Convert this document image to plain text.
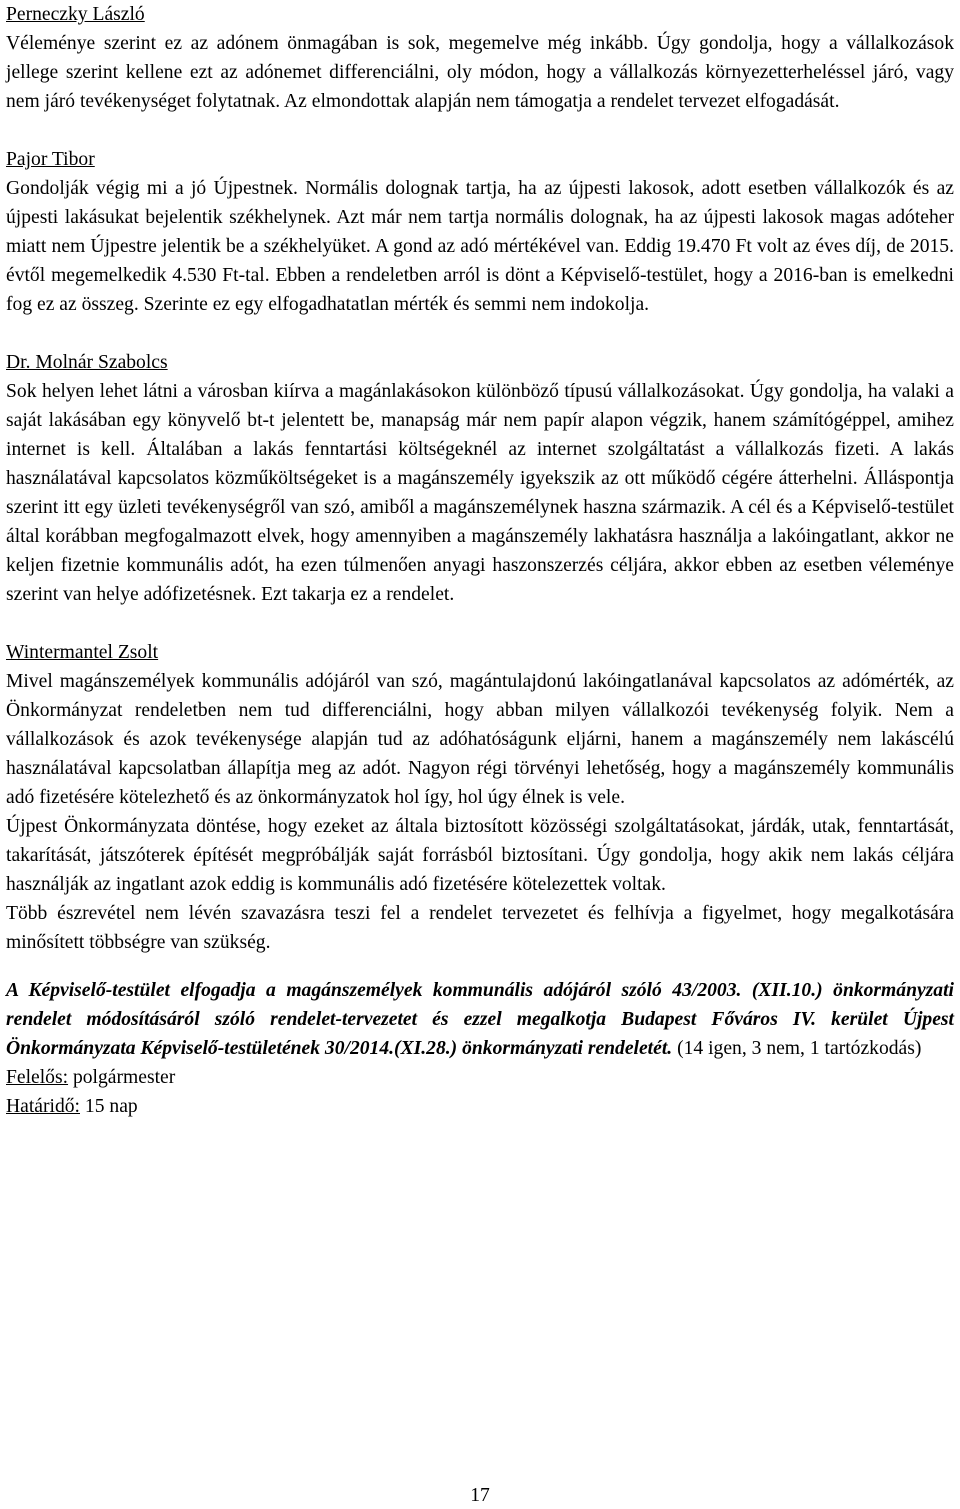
Perneczky László

Véleménye szerint ez az adónem önmagában is sok, megemelve még inkább. Úgy gondolja, hogy a vállalkozások jellege szerint kellene ezt az adónemet differenciálni, oly módon, hogy a vállalkozás környezetterheléssel járó, vagy nem járó tevékenységet folytatnak. Az elmondottak alapján nem támogatja a rendelet tervezet elfogadását.

Pajor Tibor

Gondolják végig mi a jó Újpestnek. Normális dolognak tartja, ha az újpesti lakosok, adott esetben vállalkozók és az újpesti lakásukat bejelentik székhelynek. Azt már nem tartja normális dolognak, ha az újpesti lakosok magas adóteher miatt nem Újpestre jelentik be a székhelyüket. A gond az adó mértékével van. Eddig 19.470 Ft volt az éves díj, de 2015. évtől megemelkedik 4.530 Ft-tal. Ebben a rendeletben arról is dönt a Képviselő-testület, hogy a 2016-ban is emelkedni fog ez az összeg. Szerinte ez egy elfogadhatatlan mérték és semmi nem indokolja.

Dr. Molnár Szabolcs

Sok helyen lehet látni a városban kiírva a magánlakásokon különböző típusú vállalkozásokat. Úgy gondolja, ha valaki a saját lakásában egy könyvelő bt-t jelentett be, manapság már nem papír alapon végzik, hanem számítógéppel, amihez internet is kell. Általában a lakás fenntartási költségeknél az internet szolgáltatást a vállalkozás fizeti. A lakás használatával kapcsolatos közműköltségeket is a magánszemély igyekszik az ott működő cégére átterhelni. Álláspontja szerint itt egy üzleti tevékenységről van szó, amiből a magánszemélynek haszna származik. A cél és a Képviselő-testület által korábban megfogalmazott elvek, hogy amennyiben a magánszemély lakhatásra használja a lakóingatlant, akkor ne keljen fizetnie kommunális adót, ha ezen túlmenően anyagi haszonszerzés céljára, akkor ebben az esetben véleménye szerint van helye adófizetésnek. Ezt takarja ez a rendelet.

Wintermantel Zsolt

Mivel magánszemélyek kommunális adójáról van szó, magántulajdonú lakóingatlanával kapcsolatos az adómérték, az Önkormányzat rendeletben nem tud differenciálni, hogy abban milyen vállalkozói tevékenység folyik. Nem a vállalkozások és azok tevékenysége alapján tud az adóhatóságunk eljárni, hanem a magánszemély nem lakáscélú használatával kapcsolatban állapítja meg az adót. Nagyon régi törvényi lehetőség, hogy a magánszemély kommunális adó fizetésére kötelezhető és az önkormányzatok hol így, hol úgy élnek is vele.

Újpest Önkormányzata döntése, hogy ezeket az általa biztosított közösségi szolgáltatásokat, járdák, utak, fenntartását, takarítását, játszóterek építését megpróbálják saját forrásból biztosítani. Úgy gondolja, hogy akik nem lakás céljára használják az ingatlant azok eddig is kommunális adó fizetésére kötelezettek voltak.

Több észrevétel nem lévén szavazásra teszi fel a rendelet tervezetet és felhívja a figyelmet, hogy megalkotására minősített többségre van szükség.

A Képviselő-testület elfogadja a magánszemélyek kommunális adójáról szóló 43/2003. (XII.10.) önkormányzati rendelet módosításáról szóló rendelet-tervezetet és ezzel megalkotja Budapest Főváros IV. kerület Újpest Önkormányzata Képviselő-testületének 30/2014.(XI.28.) önkormányzati rendeletét. (14 igen, 3 nem, 1 tartózkodás)

Felelős: polgármester

Határidő: 15 nap

17
